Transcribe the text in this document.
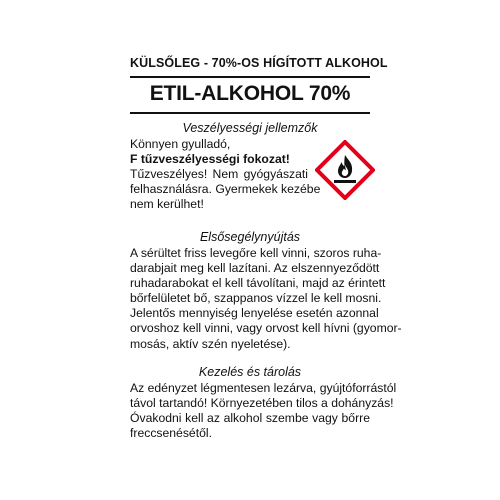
KÜLSŐLEG - 70%-OS HÍGÍTOTT ALKOHOL
ETIL-ALKOHOL 70%
Veszélyességi jellemzők
Könnyen gyulladó,
F tűzveszélyességi fokozat!
Tűzveszélyes! Nem gyógyászati
felhasználásra. Gyermekek kezébe
nem kerülhet!
Elsősegélynyújtás
A sérültet friss levegőre kell vinni, szoros ruha-
darabjait meg kell lazítani. Az elszennyeződött
ruhadarabokat el kell távolítani, majd az érintett
bőrfelületet bő, szappanos vízzel le kell mosni.
Jelentős mennyiség lenyelése esetén azonnal
orvoshoz kell vinni, vagy orvost kell hívni (gyomor-
mosás, aktív szén nyeletése).
Kezelés és tárolás
Az edényzet légmentesen lezárva, gyújtóforrástól
távol tartandó! Környezetében tilos a dohányzás!
Óvakodni kell az alkohol szembe vagy bőrre
freccsenésétől.
